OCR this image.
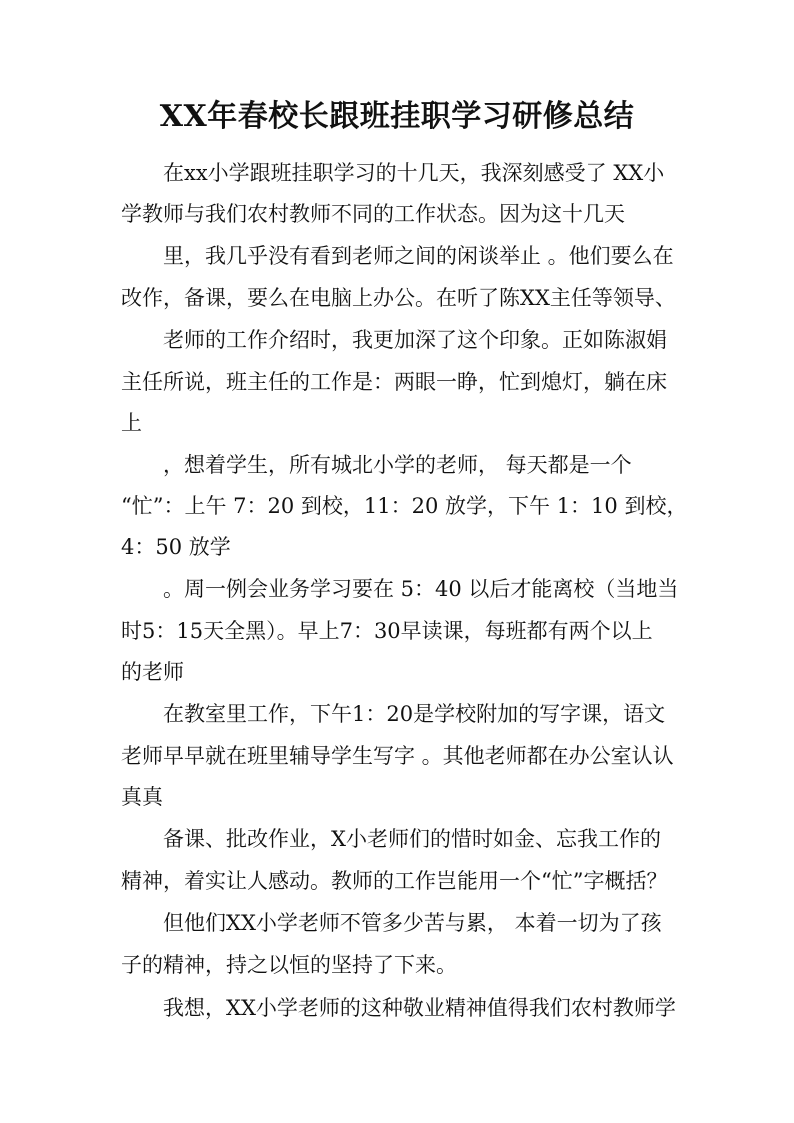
XX年春校长跟班挂职学习研修总结
在xx小学跟班挂职学习的十几天，我深刻感受了 XX小
学教师与我们农村教师不同的工作状态。因为这十几天
里，我几乎没有看到老师之间的闲谈举止 。他们要么在
改作，备课，要么在电脑上办公。在听了陈XX主任等领导、
老师的工作介绍时，我更加深了这个印象。正如陈淑娟
主任所说，班主任的工作是：两眼一睁，忙到熄灯，躺在床
上
，想着学生，所有城北小学的老师， 每天都是一个
“忙”：上午 7：20 到校，11：20 放学，下午 1：10 到校，
4：50 放学
。周一例会业务学习要在 5：40 以后才能离校（当地当
时5：15天全黑）。早上7：30早读课，每班都有两个以上
的老师
在教室里工作，下午1：20是学校附加的写字课，语文
老师早早就在班里辅导学生写字 。其他老师都在办公室认认
真真
备课、批改作业，X小老师们的惜时如金、忘我工作的
精神，着实让人感动。教师的工作岂能用一个“忙”字概括？
但他们XX小学老师不管多少苦与累， 本着一切为了孩
子的精神，持之以恒的坚持了下来。
我想，XX小学老师的这种敬业精神值得我们农村教师学
